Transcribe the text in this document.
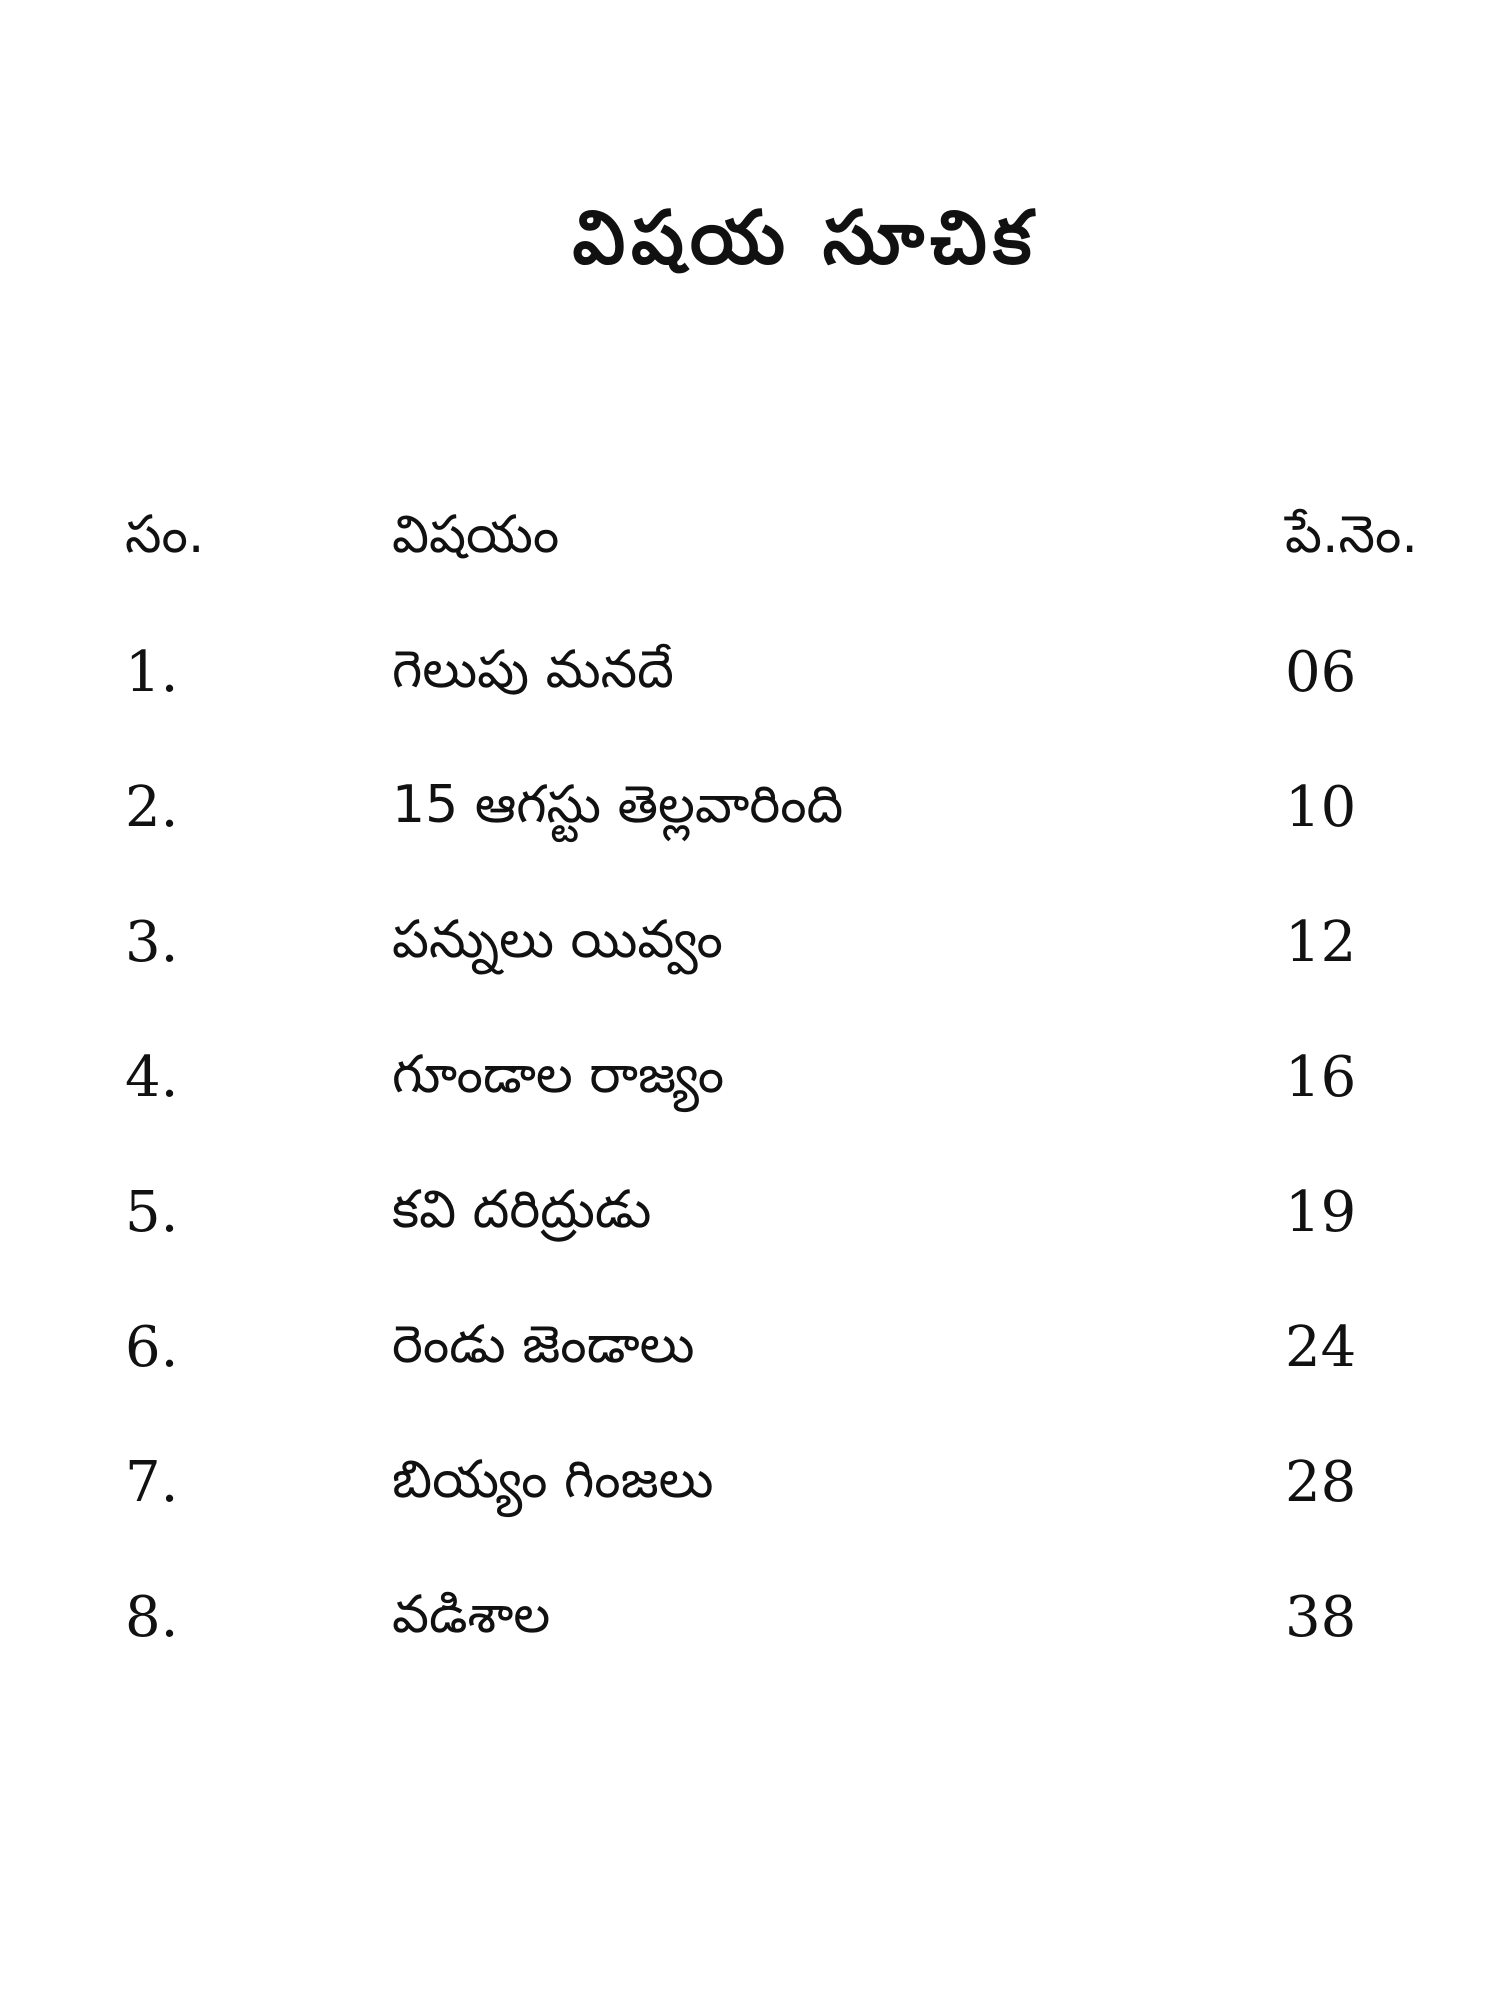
విషయ సూచిక
సం.	విషయం	పే.నెం.
1.	గెలుపు మనదే	06
2.	15 ఆగస్టు తెల్లవారింది	10
3.	పన్నులు యివ్వం	12
4.	గూండాల రాజ్యం	16
5.	కవి దరిద్రుడు	19
6.	రెండు జెండాలు	24
7.	బియ్యం గింజలు	28
8.	వడిశాల	38
